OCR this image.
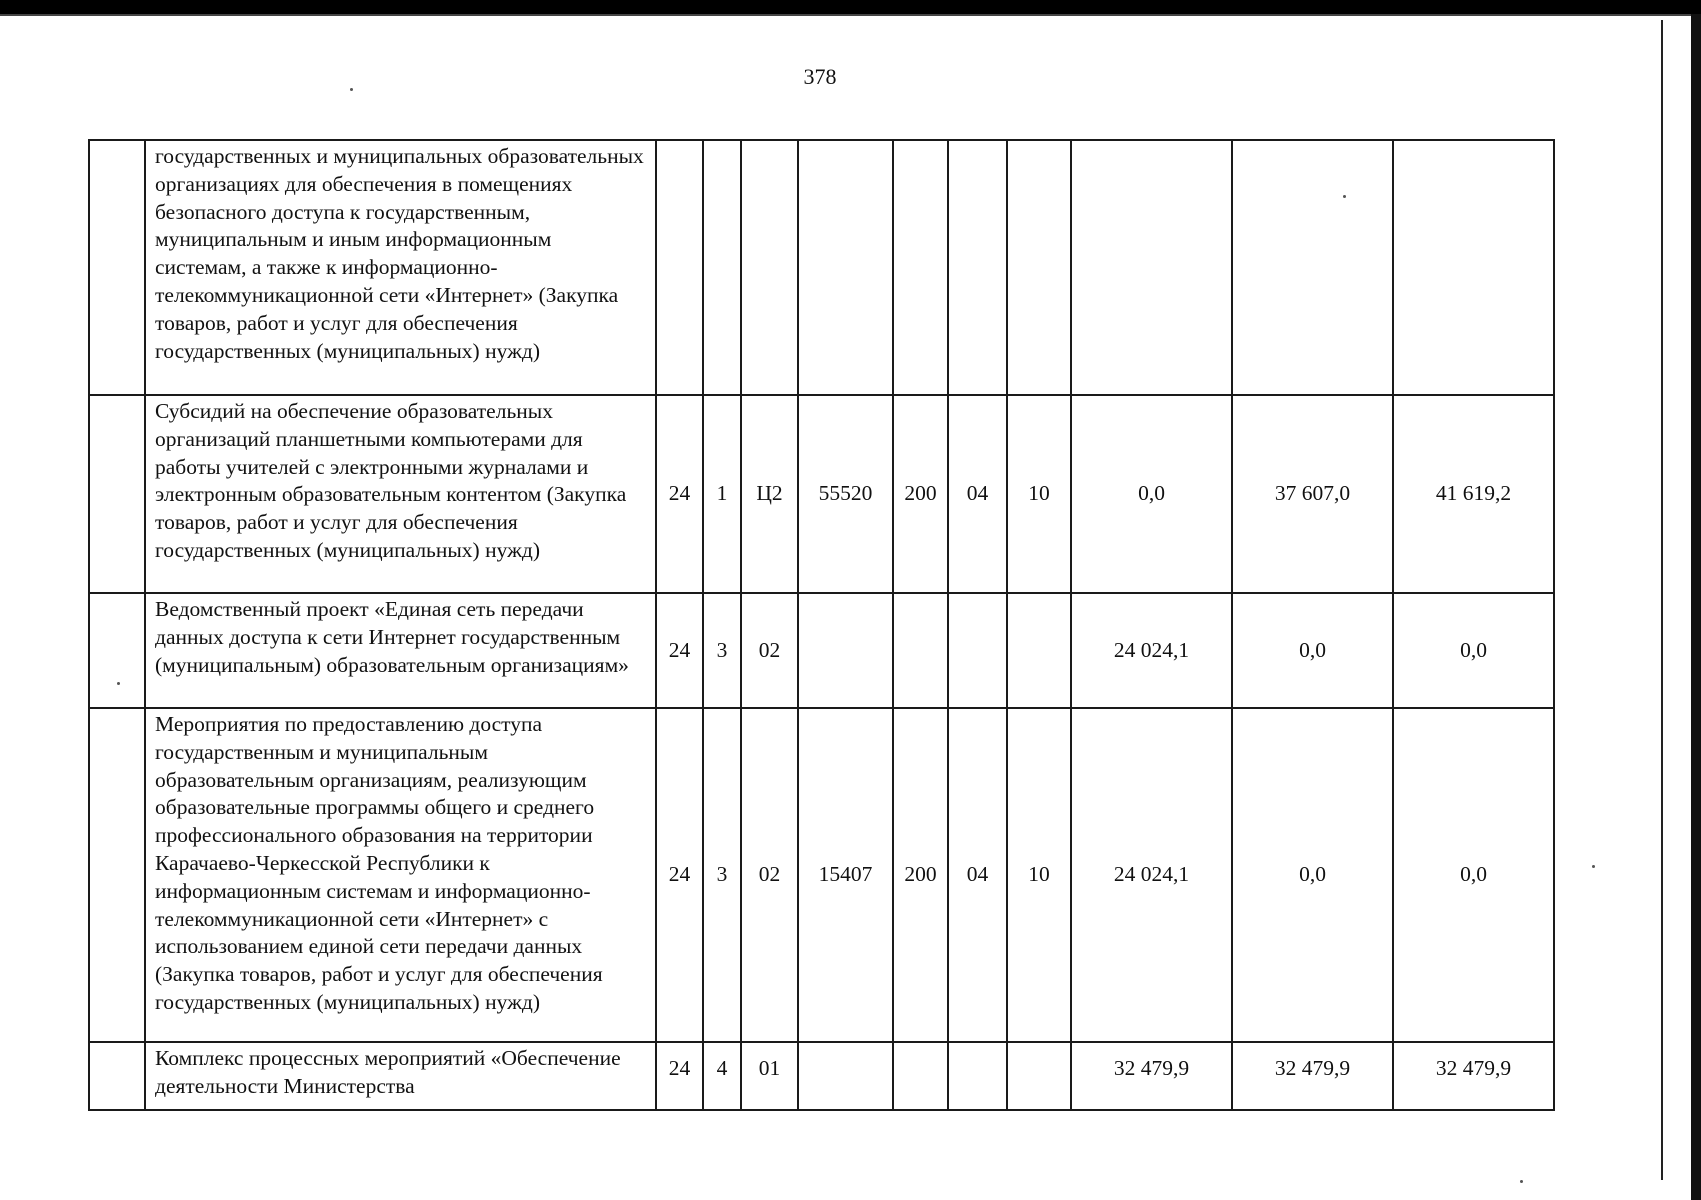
378
	государственных и муниципальных образовательных организациях для обеспечения в помещениях безопасного доступа к государственным, муниципальным и иным информационным системам, а также к информационно-телекоммуникационной сети «Интернет» (Закупка товаров, работ и услуг для обеспечения государственных (муниципальных) нужд)										
	Субсидий на обеспечение образовательных организаций планшетными компьютерами для работы учителей с электронными журналами и электронным образовательным контентом (Закупка товаров, работ и услуг для обеспечения государственных (муниципальных) нужд)	24	1	Ц2	55520	200	04	10	0,0	37 607,0	41 619,2
	Ведомственный проект «Единая сеть передачи данных доступа к сети Интернет государственным (муниципальным) образовательным организациям»	24	3	02					24 024,1	0,0	0,0
	Мероприятия по предоставлению доступа государственным и муниципальным образовательным организациям, реализующим образовательные программы общего и среднего профессионального образования на территории Карачаево-Черкесской Республики к информационным системам и информационно-телекоммуникационной сети «Интернет» с использованием единой сети передачи данных (Закупка товаров, работ и услуг для обеспечения государственных (муниципальных) нужд)	24	3	02	15407	200	04	10	24 024,1	0,0	0,0
	Комплекс процессных мероприятий «Обеспечение деятельности Министерства	24	4	01					32 479,9	32 479,9	32 479,9
